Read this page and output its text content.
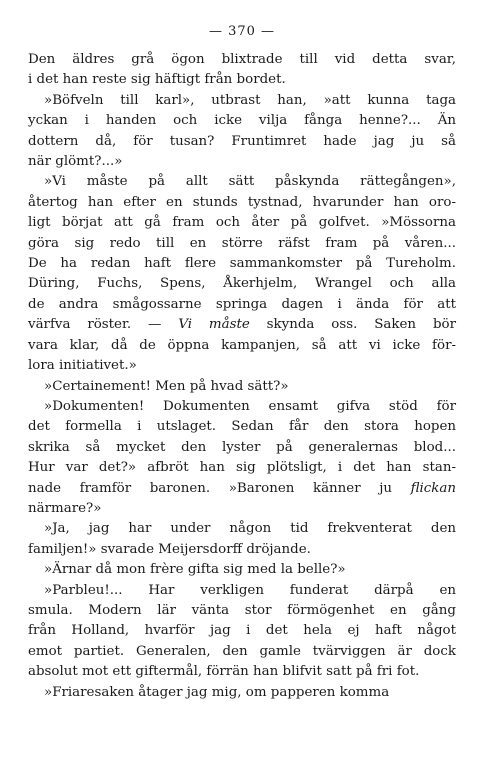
— 370 —
Den äldres grå ögon blixtrade till vid detta svar,
i det han reste sig häftigt från bordet.
»Böfveln till karl», utbrast han, »att kunna taga
yckan i handen och icke vilja fånga henne?... Än
dottern då, för tusan? Fruntimret hade jag ju så
när glömt?...»
»Vi måste på allt sätt påskynda rättegången»,
återtog han efter en stunds tystnad, hvarunder han oro-
ligt börjat att gå fram och åter på golfvet. »Mössorna
göra sig redo till en större räfst fram på våren...
De ha redan haft flere sammankomster på Tureholm.
Düring, Fuchs, Spens, Åkerhjelm, Wrangel och alla
de andra smågossarne springa dagen i ända för att
värfva röster. — Vi måste skynda oss. Saken bör
vara klar, då de öppna kampanjen, så att vi icke för-
lora initiativet.»
»Certainement! Men på hvad sätt?»
»Dokumenten! Dokumenten ensamt gifva stöd för
det formella i utslaget. Sedan får den stora hopen
skrika så mycket den lyster på generalernas blod...
Hur var det?» afbröt han sig plötsligt, i det han stan-
nade framför baronen. »Baronen känner ju flickan
närmare?»
»Ja, jag har under någon tid frekventerat den
familjen!» svarade Meijersdorff dröjande.
»Ärnar då mon frère gifta sig med la belle?»
»Parbleu!... Har verkligen funderat därpå en
smula. Modern lär vänta stor förmögenhet en gång
från Holland, hvarför jag i det hela ej haft något
emot partiet. Generalen, den gamle tvärviggen är dock
absolut mot ett giftermål, förrän han blifvit satt på fri fot.
»Friaresaken åtager jag mig, om papperen komma
